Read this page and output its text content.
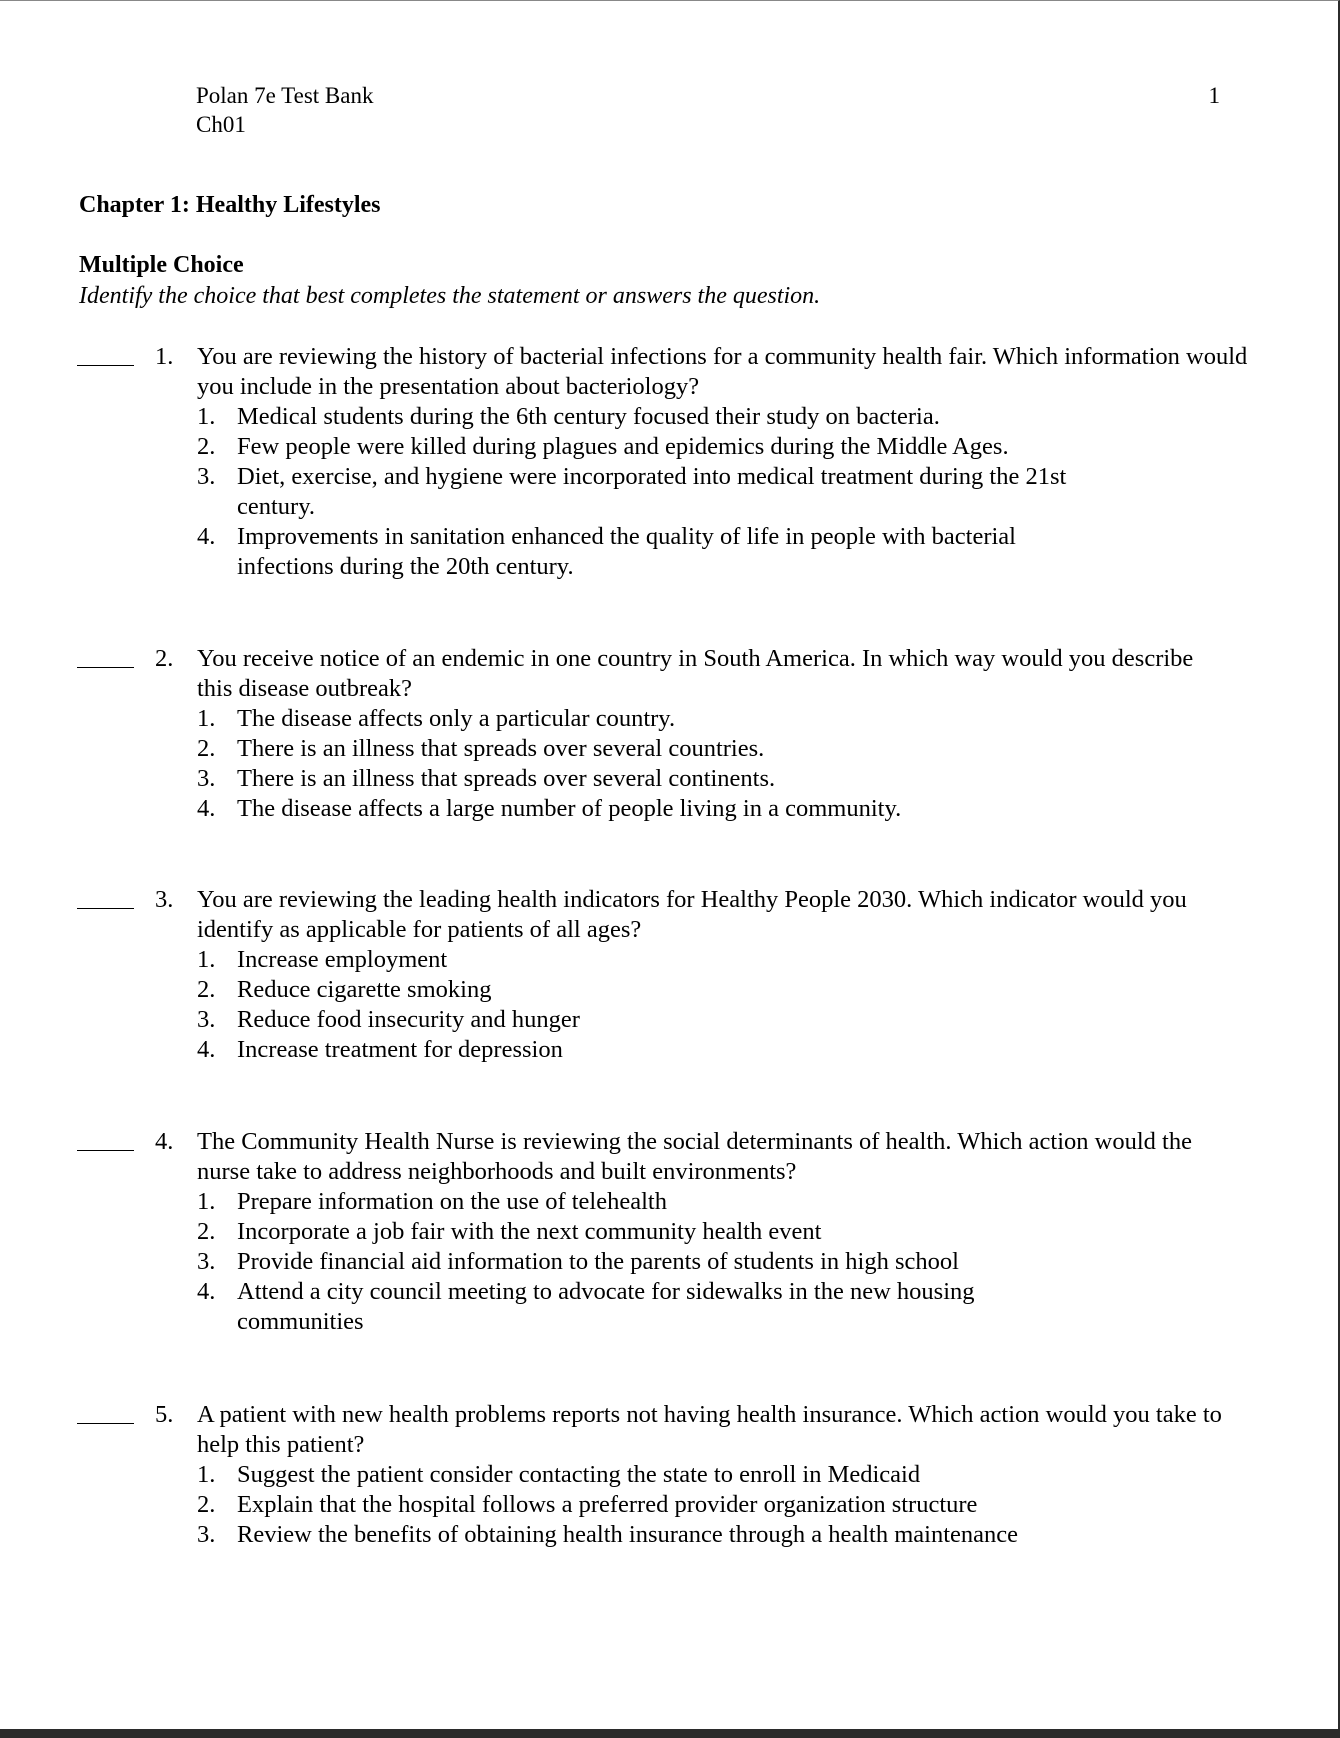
Polan 7e Test Bank
Ch01
1
Chapter 1: Healthy Lifestyles
Multiple Choice
Identify the choice that best completes the statement or answers the question.
1. You are reviewing the history of bacterial infections for a community health fair. Which information would you include in the presentation about bacteriology?
1. Medical students during the 6th century focused their study on bacteria.
2. Few people were killed during plagues and epidemics during the Middle Ages.
3. Diet, exercise, and hygiene were incorporated into medical treatment during the 21st century.
4. Improvements in sanitation enhanced the quality of life in people with bacterial infections during the 20th century.
2. You receive notice of an endemic in one country in South America. In which way would you describe this disease outbreak?
1. The disease affects only a particular country.
2. There is an illness that spreads over several countries.
3. There is an illness that spreads over several continents.
4. The disease affects a large number of people living in a community.
3. You are reviewing the leading health indicators for Healthy People 2030. Which indicator would you identify as applicable for patients of all ages?
1. Increase employment
2. Reduce cigarette smoking
3. Reduce food insecurity and hunger
4. Increase treatment for depression
4. The Community Health Nurse is reviewing the social determinants of health. Which action would the nurse take to address neighborhoods and built environments?
1. Prepare information on the use of telehealth
2. Incorporate a job fair with the next community health event
3. Provide financial aid information to the parents of students in high school
4. Attend a city council meeting to advocate for sidewalks in the new housing communities
5. A patient with new health problems reports not having health insurance. Which action would you take to help this patient?
1. Suggest the patient consider contacting the state to enroll in Medicaid
2. Explain that the hospital follows a preferred provider organization structure
3. Review the benefits of obtaining health insurance through a health maintenance
